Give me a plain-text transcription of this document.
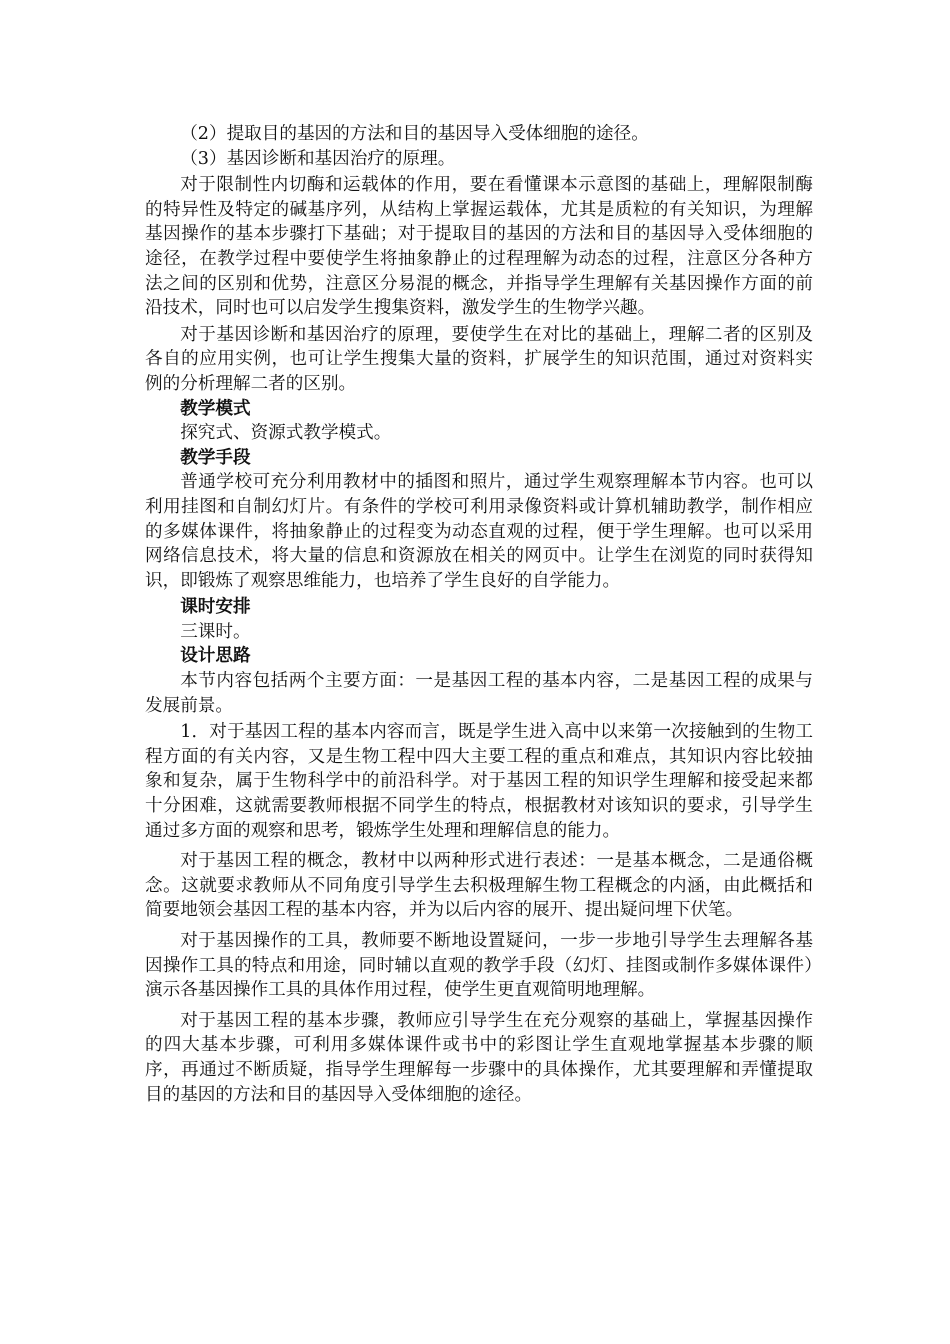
（2）提取目的基因的方法和目的基因导入受体细胞的途径。

（3）基因诊断和基因治疗的原理。

对于限制性内切酶和运载体的作用，要在看懂课本示意图的基础上，理解限制酶的特异性及特定的碱基序列，从结构上掌握运载体，尤其是质粒的有关知识，为理解基因操作的基本步骤打下基础；对于提取目的基因的方法和目的基因导入受体细胞的途径，在教学过程中要使学生将抽象静止的过程理解为动态的过程，注意区分各种方法之间的区别和优势，注意区分易混的概念，并指导学生理解有关基因操作方面的前沿技术，同时也可以启发学生搜集资料，激发学生的生物学兴趣。

对于基因诊断和基因治疗的原理，要使学生在对比的基础上，理解二者的区别及各自的应用实例，也可让学生搜集大量的资料，扩展学生的知识范围，通过对资料实例的分析理解二者的区别。

教学模式

探究式、资源式教学模式。

教学手段

普通学校可充分利用教材中的插图和照片，通过学生观察理解本节内容。也可以利用挂图和自制幻灯片。有条件的学校可利用录像资料或计算机辅助教学，制作相应的多媒体课件，将抽象静止的过程变为动态直观的过程，便于学生理解。也可以采用网络信息技术，将大量的信息和资源放在相关的网页中。让学生在浏览的同时获得知识，即锻炼了观察思维能力，也培养了学生良好的自学能力。

课时安排

三课时。

设计思路

本节内容包括两个主要方面：一是基因工程的基本内容，二是基因工程的成果与发展前景。

1．对于基因工程的基本内容而言，既是学生进入高中以来第一次接触到的生物工程方面的有关内容，又是生物工程中四大主要工程的重点和难点，其知识内容比较抽象和复杂，属于生物科学中的前沿科学。对于基因工程的知识学生理解和接受起来都十分困难，这就需要教师根据不同学生的特点，根据教材对该知识的要求，引导学生通过多方面的观察和思考，锻炼学生处理和理解信息的能力。

对于基因工程的概念，教材中以两种形式进行表述：一是基本概念，二是通俗概念。这就要求教师从不同角度引导学生去积极理解生物工程概念的内涵，由此概括和简要地领会基因工程的基本内容，并为以后内容的展开、提出疑问埋下伏笔。

对于基因操作的工具，教师要不断地设置疑问，一步一步地引导学生去理解各基因操作工具的特点和用途，同时辅以直观的教学手段（幻灯、挂图或制作多媒体课件）演示各基因操作工具的具体作用过程，使学生更直观简明地理解。

对于基因工程的基本步骤，教师应引导学生在充分观察的基础上，掌握基因操作的四大基本步骤，可利用多媒体课件或书中的彩图让学生直观地掌握基本步骤的顺序，再通过不断质疑，指导学生理解每一步骤中的具体操作，尤其要理解和弄懂提取目的基因的方法和目的基因导入受体细胞的途径。
